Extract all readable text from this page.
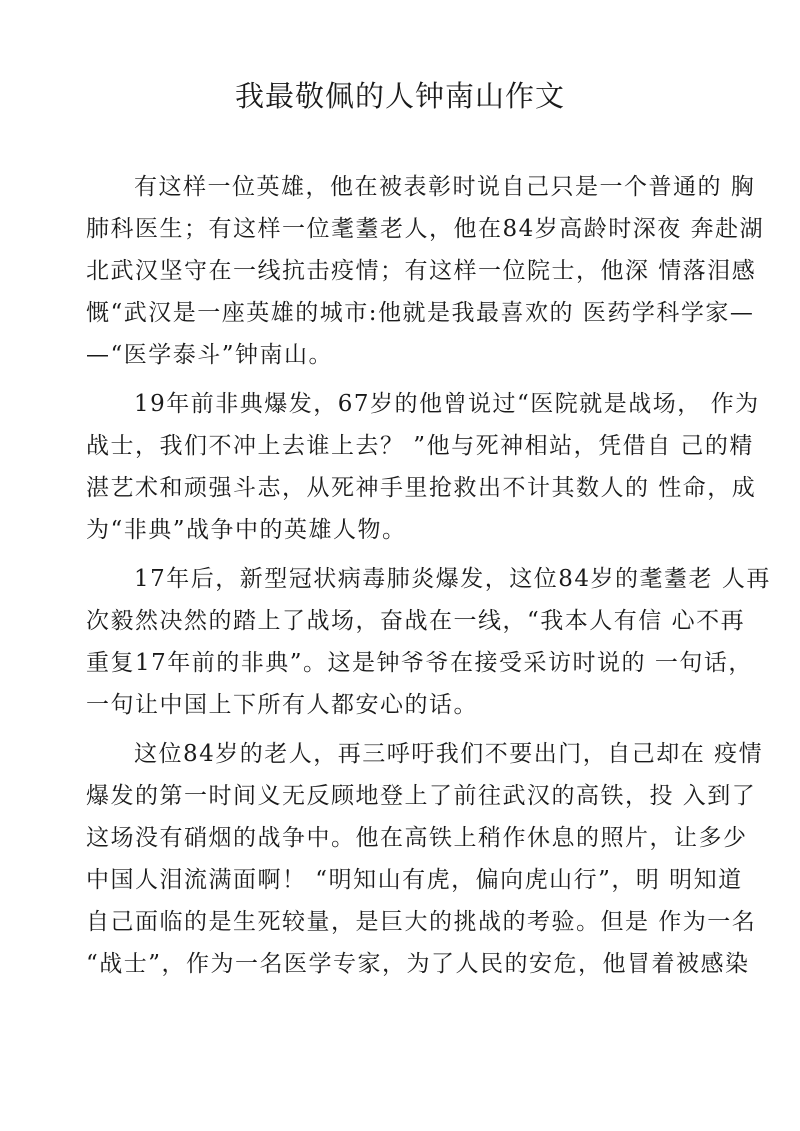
我最敬佩的人钟南山作文
有这样一位英雄，他在被表彰时说自己只是一个普通的 胸
肺科医生；有这样一位耄耋老人，他在84岁高龄时深夜 奔赴湖
北武汉坚守在一线抗击疫情；有这样一位院士，他深 情落泪感
慨“武汉是一座英雄的城市:他就是我最喜欢的 医药学科学家—
—“医学泰斗”钟南山。
19年前非典爆发，67岁的他曾说过“医院就是战场， 作为
战士，我们不冲上去谁上去？ ”他与死神相站，凭借自 己的精
湛艺术和顽强斗志，从死神手里抢救出不计其数人的 性命，成
为“非典”战争中的英雄人物。
17年后，新型冠状病毒肺炎爆发，这位84岁的耄耋老 人再
次毅然决然的踏上了战场，奋战在一线，“我本人有信 心不再
重复17年前的非典”。这是钟爷爷在接受采访时说的 一句话，
一句让中国上下所有人都安心的话。
这位84岁的老人，再三呼吁我们不要出门，自己却在 疫情
爆发的第一时间义无反顾地登上了前往武汉的高铁，投 入到了
这场没有硝烟的战争中。他在高铁上稍作休息的照片，让多少
中国人泪流满面啊！ “明知山有虎，偏向虎山行”，明 明知道
自己面临的是生死较量，是巨大的挑战的考验。但是 作为一名
“战士”，作为一名医学专家，为了人民的安危，他冒着被感染
